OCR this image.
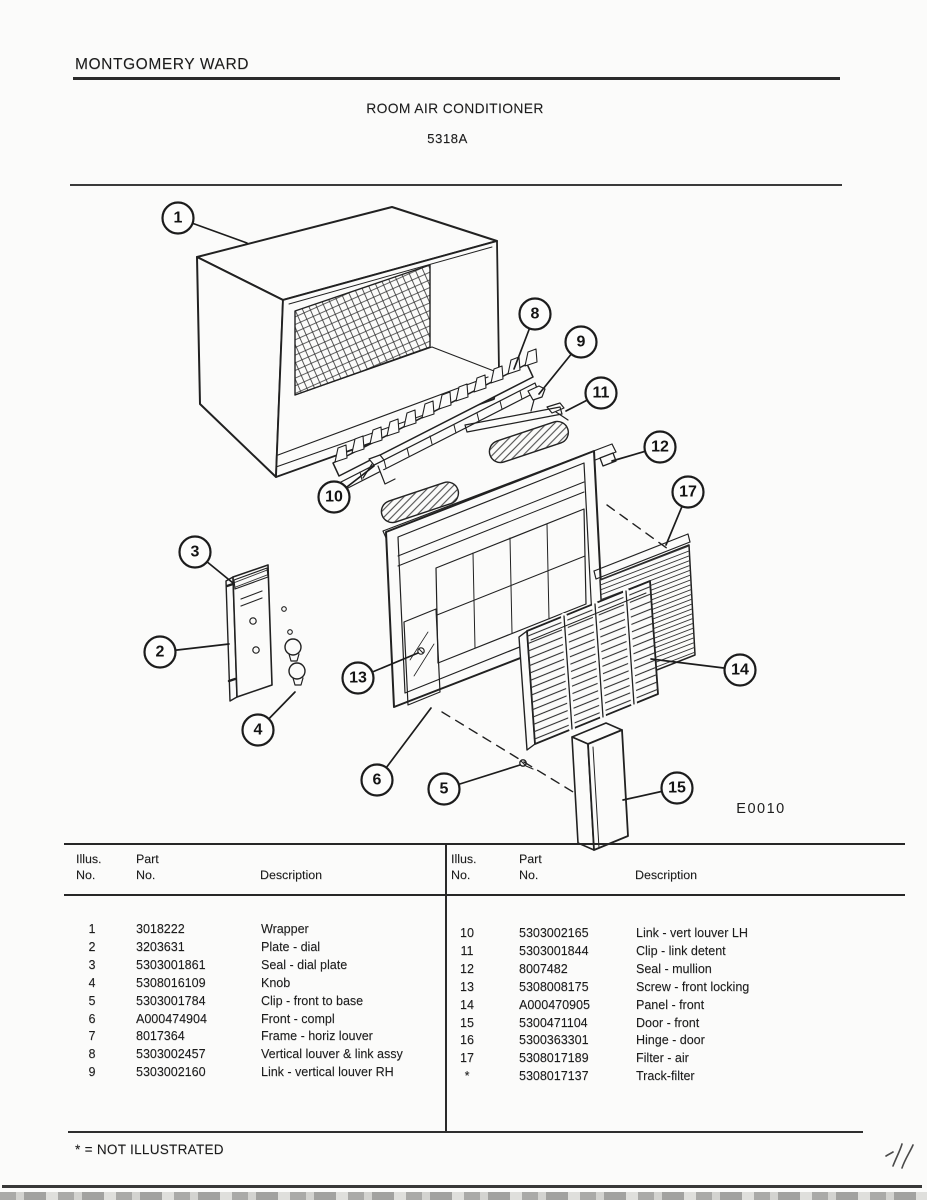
MONTGOMERY WARD
ROOM AIR CONDITIONER
5318A
1
8
9
11
12
17
10
3
2
13	14
4
6
5	15
E0010
Illus.
No.
Part
No.	Description
1	3018222	Wrapper
2	3203631	Plate - dial
3	5303001861	Seal - dial plate
4	5308016109	Knob
5	5303001784	Clip - front to base
6	A000474904	Front - compl
7	8017364	Frame - horiz louver
8	5303002457	Vertical louver & link assy
9	5303002160	Link - vertical louver RH
Illus.
No.
Part
No.	Description
10	5303002165	Link - vert louver LH
11	5303001844	Clip - link detent
12	8007482	Seal - mullion
13	5308008175	Screw - front locking
14	A000470905	Panel - front
15	5300471104	Door - front
16	5300363301	Hinge - door
17	5308017189	Filter - air
*	5308017137	Track-filter
* = NOT ILLUSTRATED
